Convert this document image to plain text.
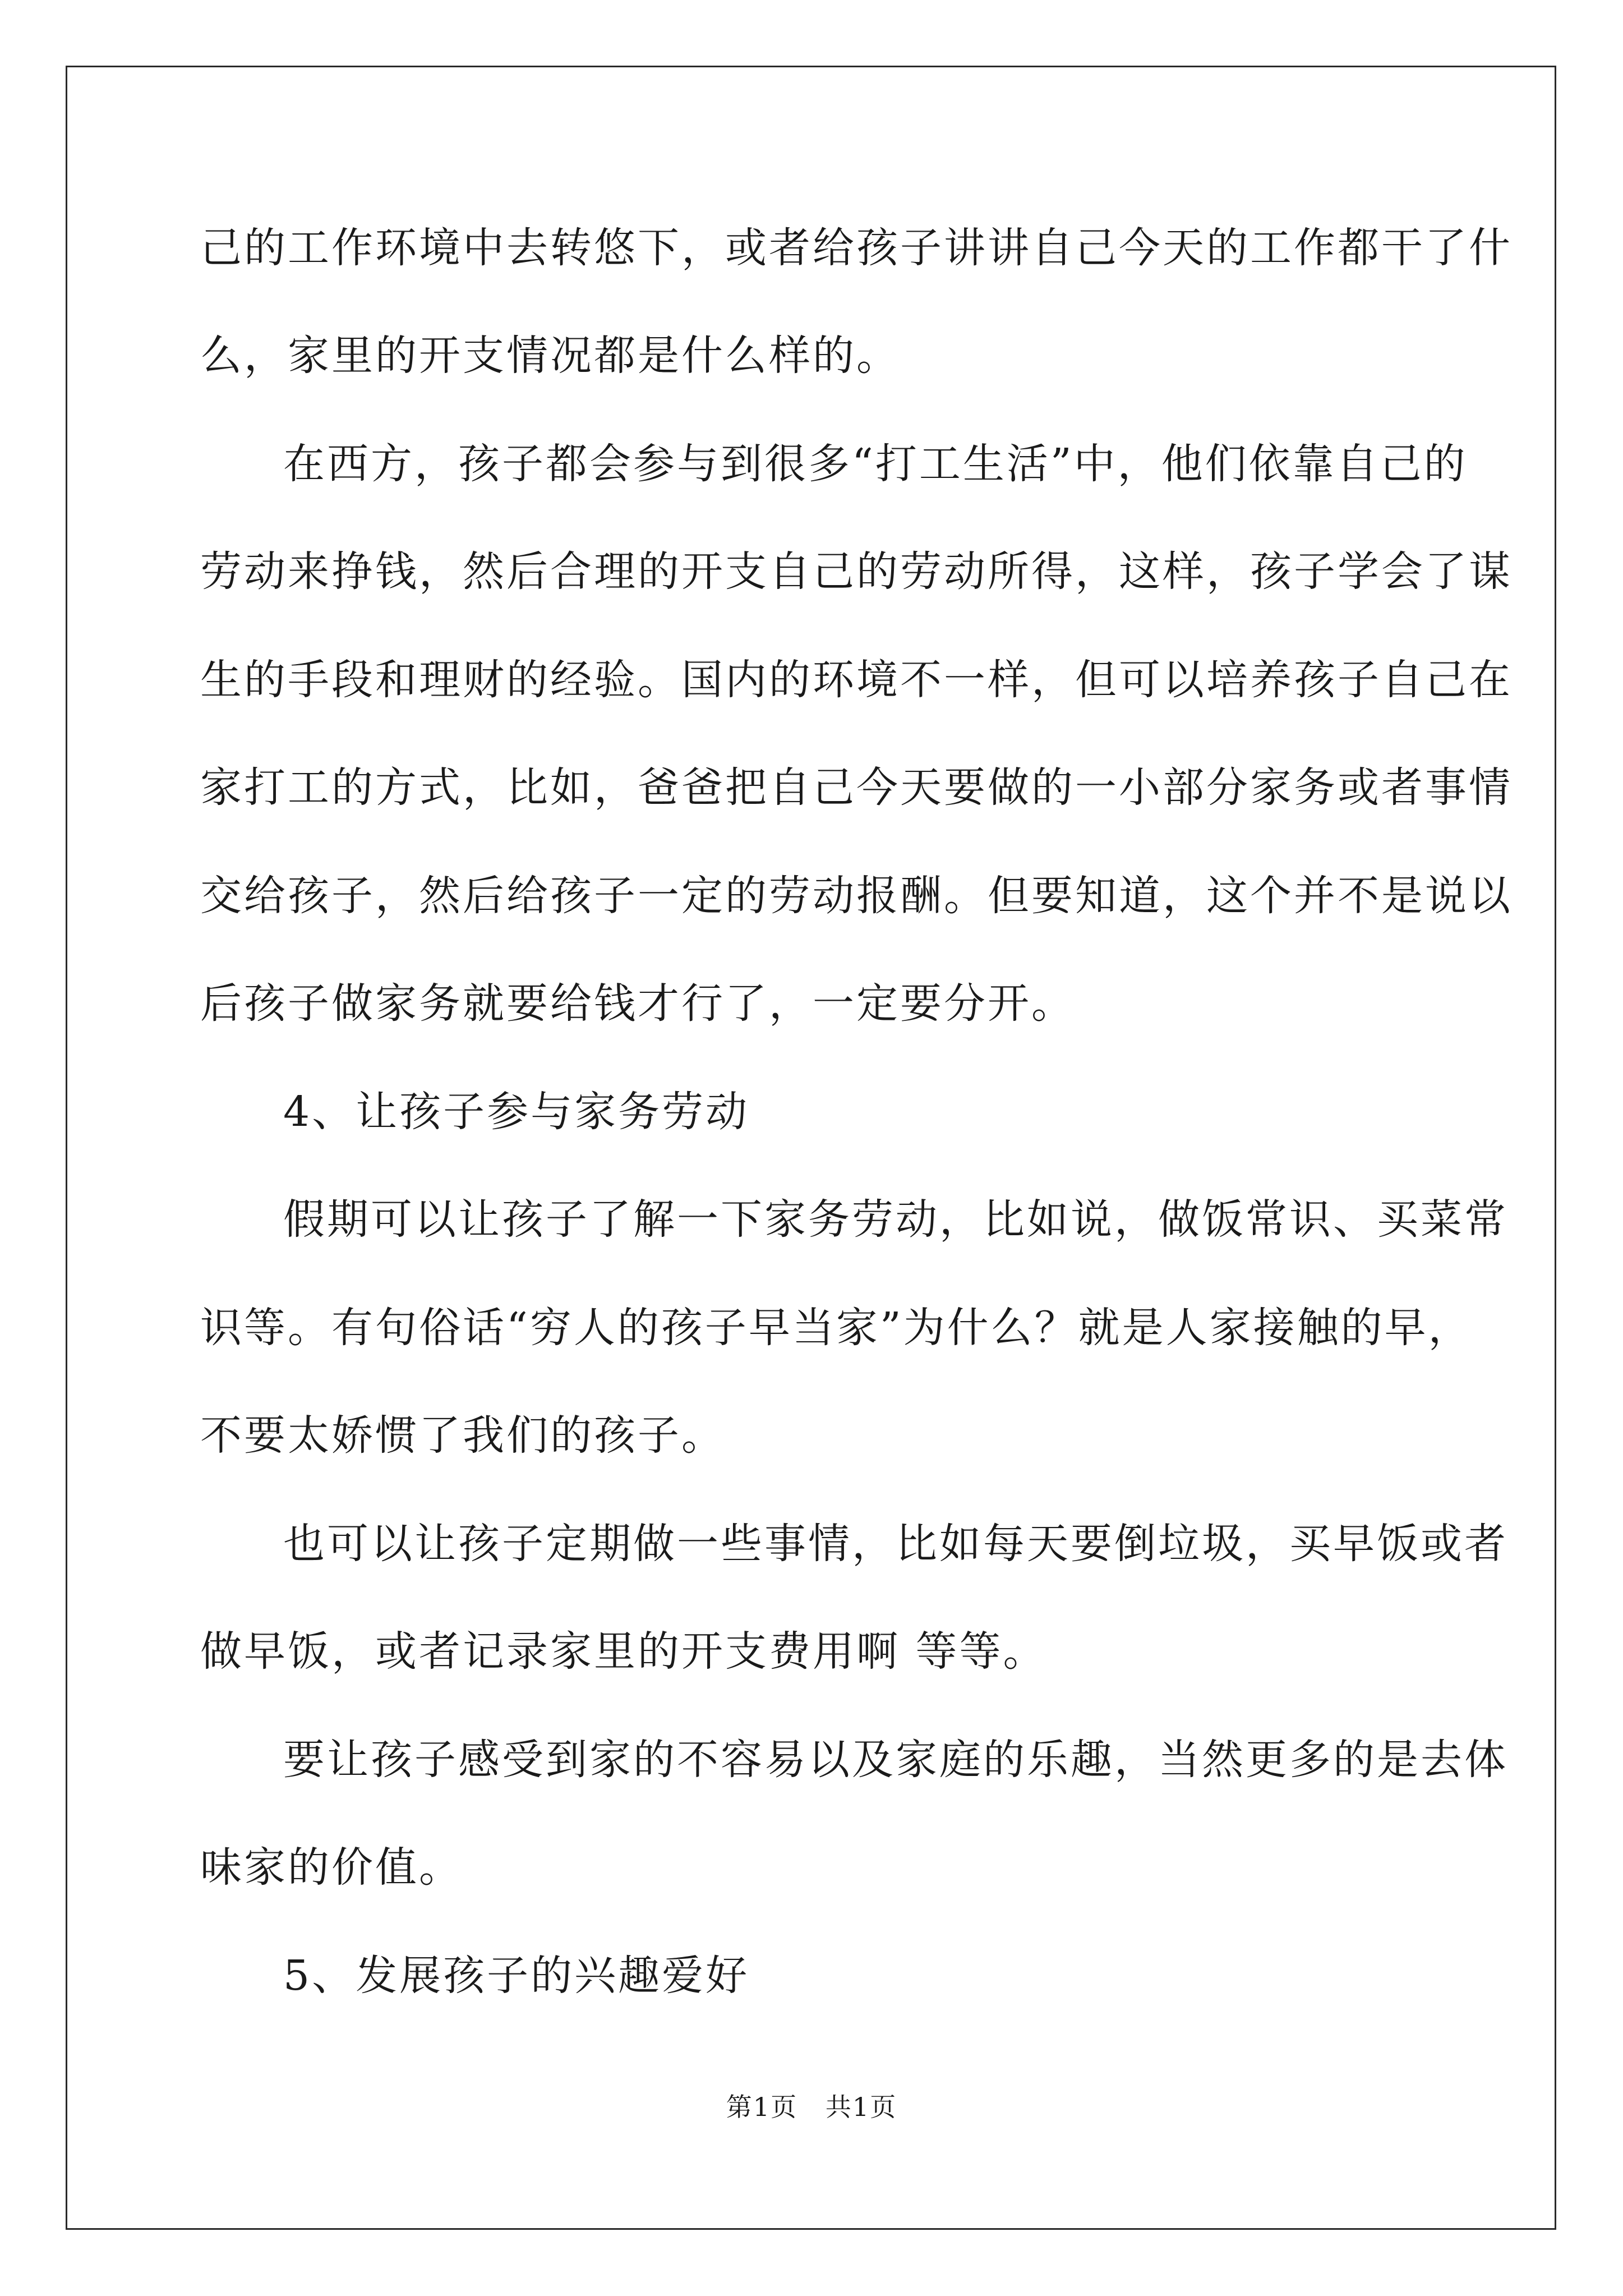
己的工作环境中去转悠下，或者给孩子讲讲自己今天的工作都干了什
么，家里的开支情况都是什么样的。
在西方，孩子都会参与到很多“打工生活”中，他们依靠自己的
劳动来挣钱，然后合理的开支自己的劳动所得，这样，孩子学会了谋
生的手段和理财的经验。国内的环境不一样，但可以培养孩子自己在
家打工的方式，比如，爸爸把自己今天要做的一小部分家务或者事情
交给孩子，然后给孩子一定的劳动报酬。但要知道，这个并不是说以
后孩子做家务就要给钱才行了，一定要分开。
4、让孩子参与家务劳动
假期可以让孩子了解一下家务劳动，比如说，做饭常识、买菜常
识等。有句俗话“穷人的孩子早当家”为什么？就是人家接触的早，
不要太娇惯了我们的孩子。
也可以让孩子定期做一些事情，比如每天要倒垃圾，买早饭或者
做早饭，或者记录家里的开支费用啊 等等。
要让孩子感受到家的不容易以及家庭的乐趣，当然更多的是去体
味家的价值。
5、发展孩子的兴趣爱好
第1页   共1页
